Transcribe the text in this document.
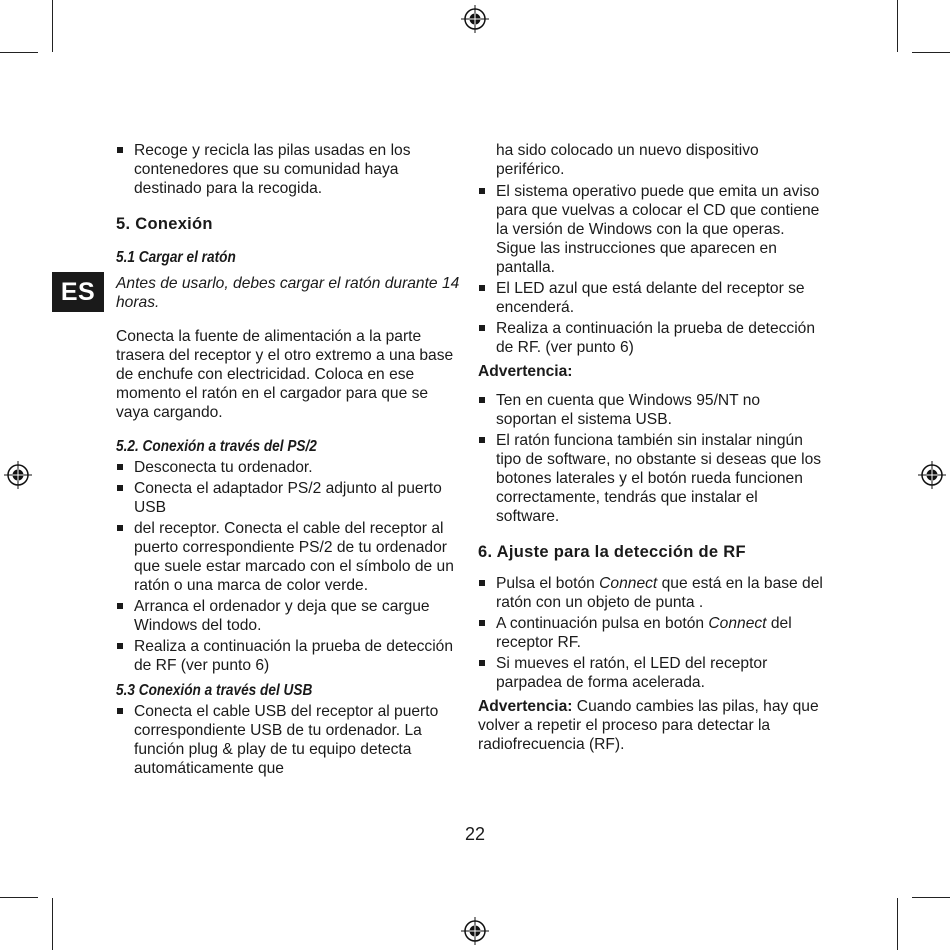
ES
Recoge y recicla las pilas usadas en los contenedores que su comunidad haya destinado para la recogida.
5. Conexión
5.1 Cargar el ratón

Antes de usarlo, debes cargar el ratón durante 14 horas.

Conecta la fuente de alimentación a la parte trasera del receptor y el otro extremo a una base de enchufe con electricidad. Coloca en ese momento el ratón en el cargador para que se vaya cargando.

5.2. Conexión a través del PS/2
Desconecta tu ordenador.
Conecta el adaptador PS/2 adjunto al puerto USB
del receptor. Conecta el cable del receptor al puerto correspondiente PS/2 de tu ordenador que suele estar marcado con el símbolo de un ratón o una marca de color verde.
Arranca el ordenador y deja que se cargue Windows del todo.
Realiza a continuación la prueba de detección de RF (ver punto 6)
5.3 Conexión a través del USB
Conecta el cable USB del receptor al puerto correspondiente USB de tu ordenador. La función plug & play de tu equipo detecta automáticamente que

ha sido colocado un nuevo dispositivo periférico.

El sistema operativo puede que emita un aviso para que vuelvas a colocar el CD que contiene la versión de Windows con la que operas. Sigue las instrucciones que aparecen en pantalla.
El LED azul que está delante del receptor se encenderá.
Realiza a continuación la prueba de detección de RF. (ver punto 6)

Advertencia:

Ten en cuenta que Windows 95/NT no soportan el sistema USB.
El ratón funciona también sin instalar ningún tipo de software, no obstante si deseas que los botones laterales y el botón rueda funcionen correctamente, tendrás que instalar el software.
6. Ajuste para la detección de RF
Pulsa el botón Connect que está en la base del ratón con un objeto de punta .
A continuación pulsa en botón Connect del receptor RF.
Si mueves el ratón, el LED del receptor parpadea de forma acelerada.

Advertencia: Cuando cambies las pilas, hay que volver a repetir el proceso para detectar la radiofrecuencia (RF).

22
